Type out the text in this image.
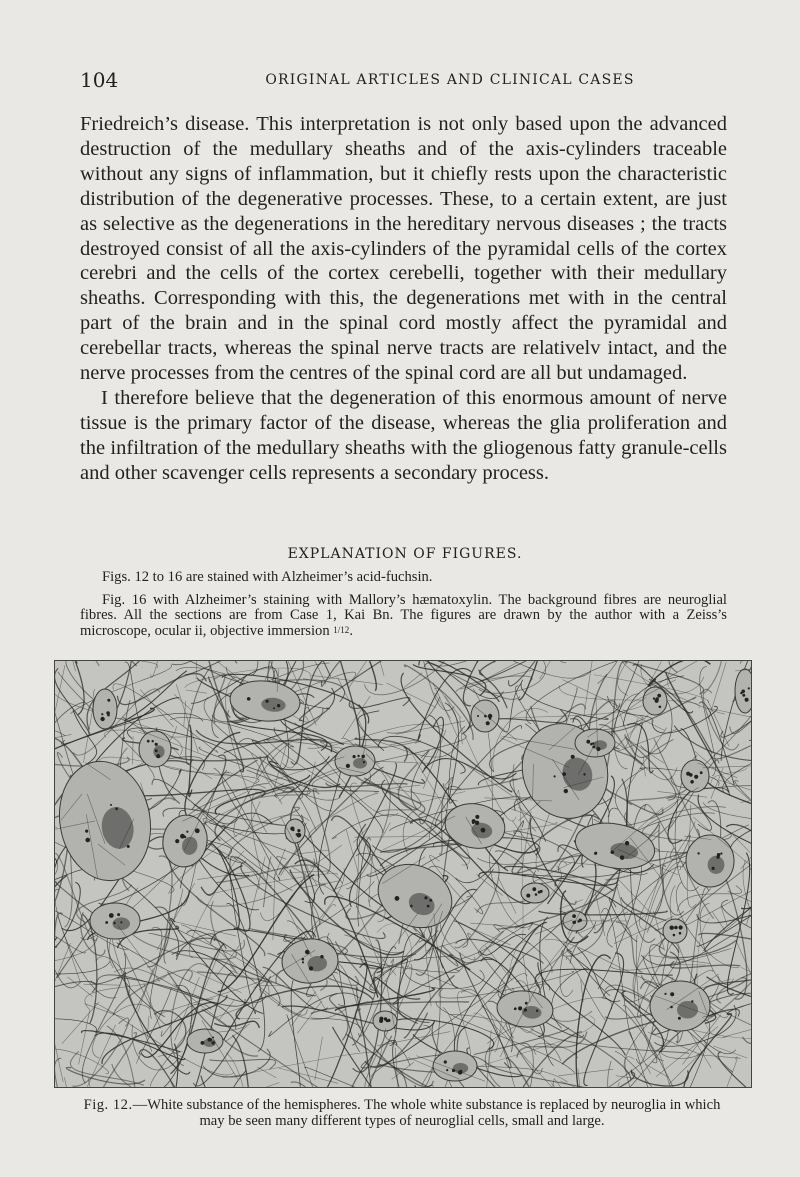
104	ORIGINAL ARTICLES AND CLINICAL CASES

Friedreich’s disease. This interpretation is not only based upon the advanced destruction of the medullary sheaths and of the axis-cylinders traceable without any signs of inflammation, but it chiefly rests upon the characteristic distribution of the degenerative processes. These, to a certain extent, are just as selective as the degenerations in the hereditary nervous diseases ; the tracts destroyed consist of all the axis-cylinders of the pyramidal cells of the cortex cerebri and the cells of the cortex cerebelli, together with their medullary sheaths. Corresponding with this, the degenerations met with in the central part of the brain and in the spinal cord mostly affect the pyramidal and cerebellar tracts, whereas the spinal nerve tracts are relativelv intact, and the nerve processes from the centres of the spinal cord are all but undamaged.

I therefore believe that the degeneration of this enormous amount of nerve tissue is the primary factor of the disease, whereas the glia proliferation and the infiltration of the medullary sheaths with the gliogenous fatty granule-cells and other scavenger cells represents a secondary process.

EXPLANATION OF FIGURES.
Figs. 12 to 16 are stained with Alzheimer’s acid-fuchsin.
Fig. 16 with Alzheimer’s staining with Mallory’s hæmatoxylin. The background fibres are neuroglial fibres. All the sections are from Case 1, Kai Bn. The figures are drawn by the author with a Zeiss’s microscope, ocular ii, objective immersion 1/12.
Fig. 12.—White substance of the hemispheres. The whole white substance is replaced by neuroglia in which may be seen many different types of neuroglial cells, small and large.
